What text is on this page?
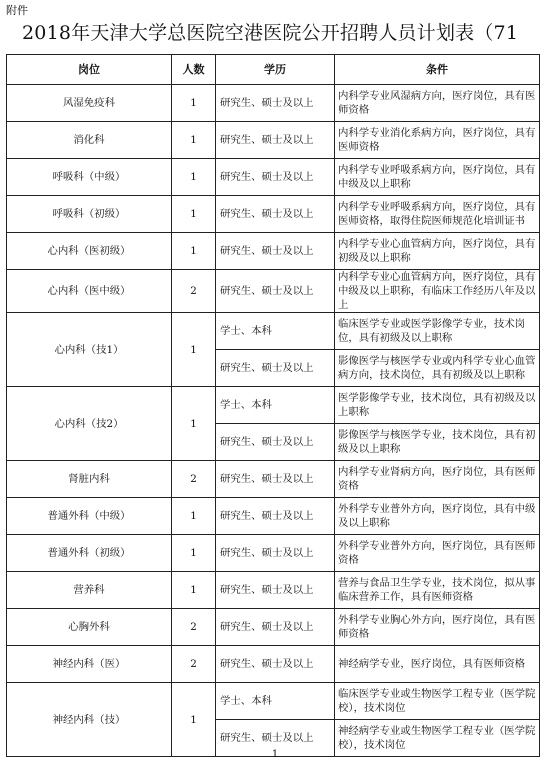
附件
2018年天津大学总医院空港医院公开招聘人员计划表（71
岗位	人数	学历	条件
风湿免疫科	1	研究生、硕士及以上	内科学专业风湿病方向，医疗岗位，具有医师资格
消化科	1	研究生、硕士及以上	内科学专业消化系病方向，医疗岗位，具有医师资格
呼吸科（中级）	1	研究生、硕士及以上	内科学专业呼吸系病方向，医疗岗位，具有中级及以上职称
呼吸科（初级）	1	研究生、硕士及以上	内科学专业呼吸系病方向，医疗岗位，具有医师资格，取得住院医师规范化培训证书
心内科（医初级）	1	研究生、硕士及以上	内科学专业心血管病方向，医疗岗位，具有初级及以上职称
心内科（医中级）	2	研究生、硕士及以上	内科学专业心血管病方向，医疗岗位，具有中级及以上职称，有临床工作经历八年及以上
心内科（技1）	1	学士、本科	临床医学专业或医学影像学专业，技术岗位，具有初级及以上职称
		研究生、硕士及以上	影像医学与核医学专业或内科学专业心血管病方向，技术岗位，具有初级及以上职称
心内科（技2）	1	学士、本科	医学影像学专业，技术岗位，具有初级及以上职称
		研究生、硕士及以上	影像医学与核医学专业，技术岗位，具有初级及以上职称
肾脏内科	2	研究生、硕士及以上	内科学专业肾病方向，医疗岗位，具有医师资格
普通外科（中级）	1	研究生、硕士及以上	外科学专业普外方向，医疗岗位，具有中级及以上职称
普通外科（初级）	1	研究生、硕士及以上	外科学专业普外方向，医疗岗位，具有医师资格
营养科	1	研究生、硕士及以上	营养与食品卫生学专业，技术岗位，拟从事临床营养工作，具有医师资格
心胸外科	2	研究生、硕士及以上	外科学专业胸心外方向，医疗岗位，具有医师资格
神经内科（医）	2	研究生、硕士及以上	神经病学专业，医疗岗位，具有医师资格
神经内科（技）	1	学士、本科	临床医学专业或生物医学工程专业（医学院校），技术岗位
		研究生、硕士及以上	神经病学专业或生物医学工程专业（医学院校），技术岗位
1
